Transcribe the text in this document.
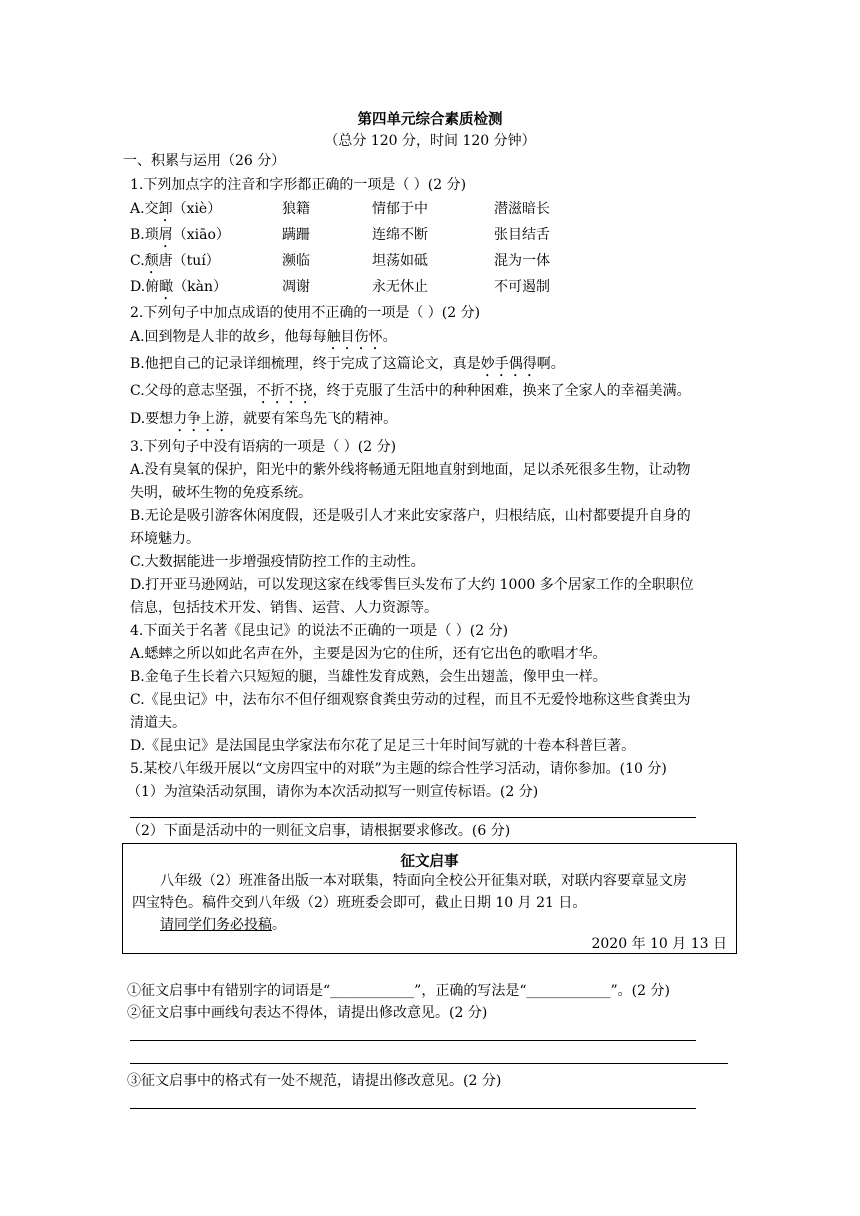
第四单元综合素质检测
（总分 120 分，时间 120 分钟）
一、积累与运用（26 分）
1.下列加点字的注音和字形都正确的一项是（ ）(2 分)
A.交卸（xiè）	狼籍	情郁于中	潜滋暗长
B.琐屑（xiāo）	蹒跚	连绵不断	张目结舌
C.颓唐（tuí）	濒临	坦荡如砥	混为一体
D.俯瞰（kàn）	凋谢	永无休止	不可遏制
2.下列句子中加点成语的使用不正确的一项是（ ）(2 分)
A.回到物是人非的故乡，他每每触目伤怀。
B.他把自己的记录详细梳理，终于完成了这篇论文，真是妙手偶得啊。
C.父母的意志坚强，不折不挠，终于克服了生活中的种种困难，换来了全家人的幸福美满。
D.要想力争上游，就要有笨鸟先飞的精神。
3.下列句子中没有语病的一项是（ ）(2 分)
A.没有臭氧的保护，阳光中的紫外线将畅通无阻地直射到地面，足以杀死很多生物，让动物
失明，破坏生物的免疫系统。
B.无论是吸引游客休闲度假，还是吸引人才来此安家落户，归根结底，山村都要提升自身的
环境魅力。
C.大数据能进一步增强疫情防控工作的主动性。
D.打开亚马逊网站，可以发现这家在线零售巨头发布了大约 1000 多个居家工作的全职职位
信息，包括技术开发、销售、运营、人力资源等。
4.下面关于名著《昆虫记》的说法不正确的一项是（ ）(2 分)
A.蟋蟀之所以如此名声在外，主要是因为它的住所，还有它出色的歌唱才华。
B.金龟子生长着六只短短的腿，当雄性发育成熟，会生出翅盖，像甲虫一样。
C.《昆虫记》中，法布尔不但仔细观察食粪虫劳动的过程，而且不无爱怜地称这些食粪虫为
清道夫。
D.《昆虫记》是法国昆虫学家法布尔花了足足三十年时间写就的十卷本科普巨著。
5.某校八年级开展以“文房四宝中的对联”为主题的综合性学习活动，请你参加。(10 分)
（1）为渲染活动氛围，请你为本次活动拟写一则宣传标语。(2 分)
（2）下面是活动中的一则征文启事，请根据要求修改。(6 分)
征文启事
八年级（2）班准备出版一本对联集，特面向全校公开征集对联，对联内容要章显文房
四宝特色。稿件交到八年级（2）班班委会即可，截止日期 10 月 21 日。
请同学们务必投稿。
2020 年 10 月 13 日
①征文启事中有错别字的词语是“____________”，正确的写法是“____________”。(2 分)
②征文启事中画线句表达不得体，请提出修改意见。(2 分)
③征文启事中的格式有一处不规范，请提出修改意见。(2 分)
